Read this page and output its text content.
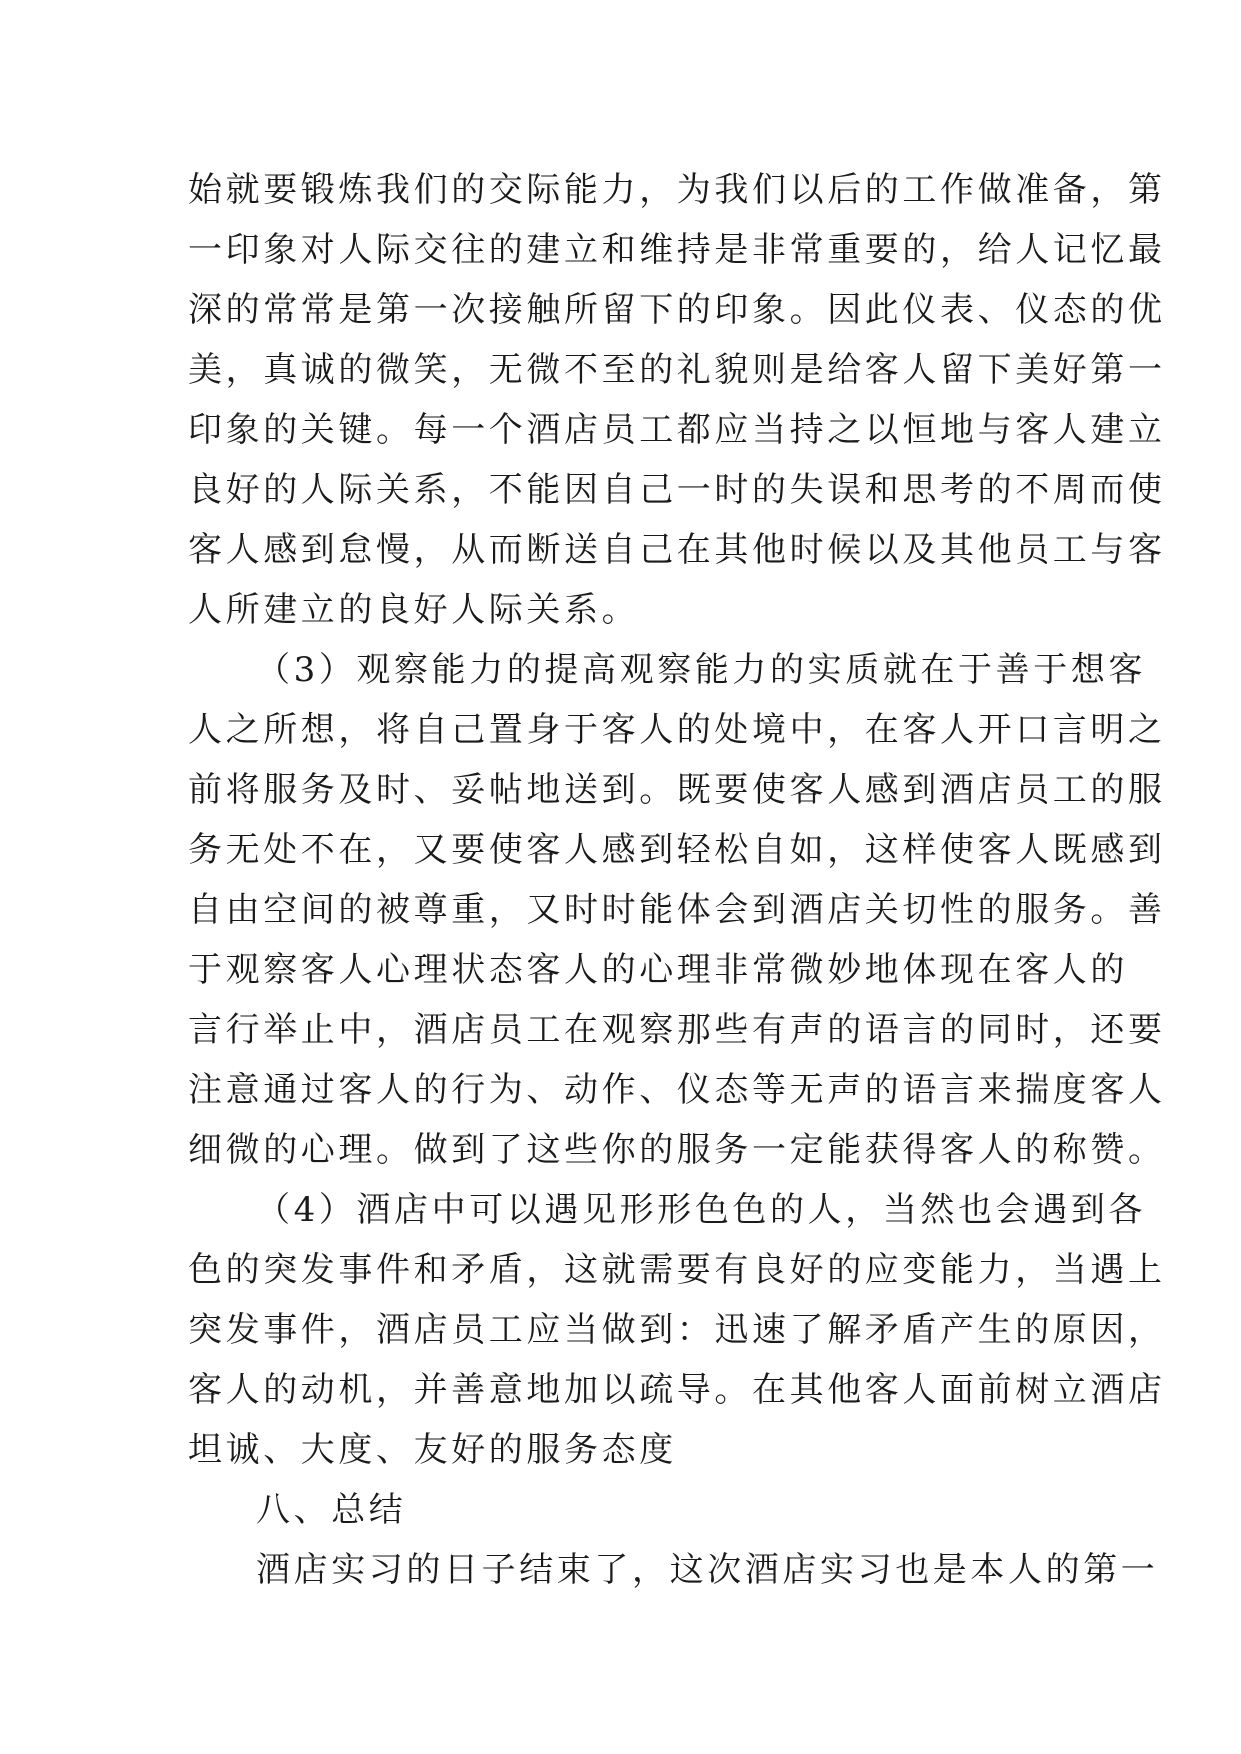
始就要锻炼我们的交际能力，为我们以后的工作做准备，第
一印象对人际交往的建立和维持是非常重要的，给人记忆最
深的常常是第一次接触所留下的印象。因此仪表、仪态的优
美，真诚的微笑，无微不至的礼貌则是给客人留下美好第一
印象的关键。每一个酒店员工都应当持之以恒地与客人建立
良好的人际关系，不能因自己一时的失误和思考的不周而使
客人感到怠慢，从而断送自己在其他时候以及其他员工与客
人所建立的良好人际关系。
（3）观察能力的提高观察能力的实质就在于善于想客
人之所想，将自己置身于客人的处境中，在客人开口言明之
前将服务及时、妥帖地送到。既要使客人感到酒店员工的服
务无处不在，又要使客人感到轻松自如，这样使客人既感到
自由空间的被尊重，又时时能体会到酒店关切性的服务。善
于观察客人心理状态客人的心理非常微妙地体现在客人的
言行举止中，酒店员工在观察那些有声的语言的同时，还要
注意通过客人的行为、动作、仪态等无声的语言来揣度客人
细微的心理。做到了这些你的服务一定能获得客人的称赞。
（4）酒店中可以遇见形形色色的人，当然也会遇到各
色的突发事件和矛盾，这就需要有良好的应变能力，当遇上
突发事件，酒店员工应当做到：迅速了解矛盾产生的原因，
客人的动机，并善意地加以疏导。在其他客人面前树立酒店
坦诚、大度、友好的服务态度
八、总结
酒店实习的日子结束了，这次酒店实习也是本人的第一
